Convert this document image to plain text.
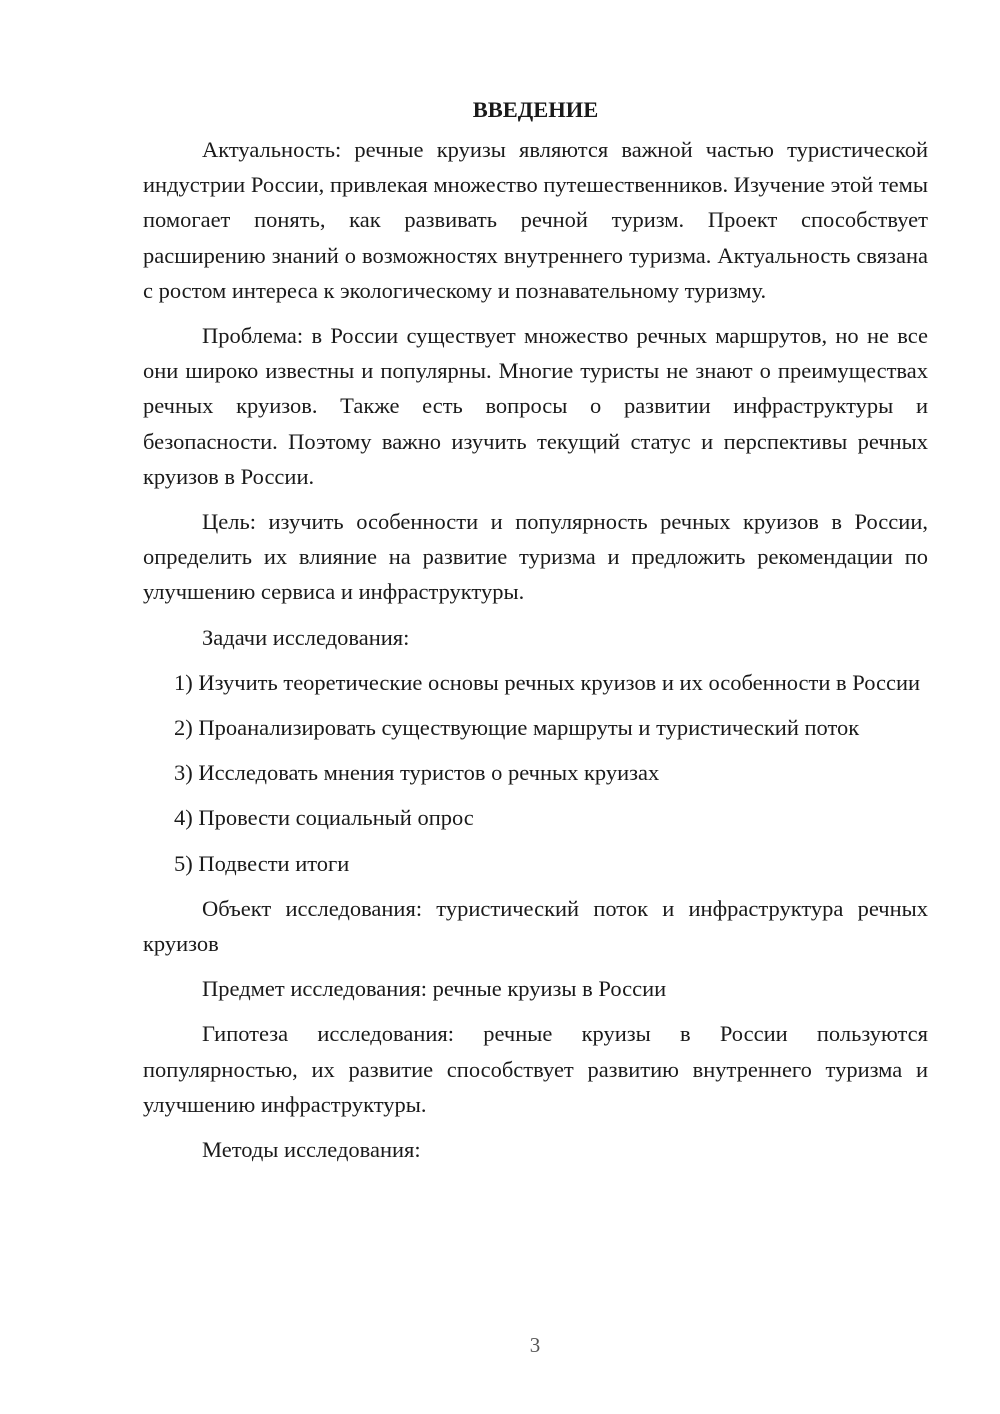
ВВЕДЕНИЕ

Актуальность: речные круизы являются важной частью туристической индустрии России, привлекая множество путешественников. Изучение этой темы помогает понять, как развивать речной туризм. Проект способствует расширению знаний о возможностях внутреннего туризма. Актуальность связана с ростом интереса к экологическому и познавательному туризму.

Проблема: в России существует множество речных маршрутов, но не все они широко известны и популярны. Многие туристы не знают о преимуществах речных круизов. Также есть вопросы о развитии инфраструктуры и безопасности. Поэтому важно изучить текущий статус и перспективы речных круизов в России.

Цель: изучить особенности и популярность речных круизов в России, определить их влияние на развитие туризма и предложить рекомендации по улучшению сервиса и инфраструктуры.

Задачи исследования:

1) Изучить теоретические основы речных круизов и их особенности в России

2) Проанализировать существующие маршруты и туристический поток

3) Исследовать мнения туристов о речных круизах

4) Провести социальный опрос

5) Подвести итоги

Объект исследования: туристический поток и инфраструктура речных круизов

Предмет исследования: речные круизы в России

Гипотеза исследования: речные круизы в России пользуются популярностью, их развитие способствует развитию внутреннего туризма и улучшению инфраструктуры.

Методы исследования:

3
